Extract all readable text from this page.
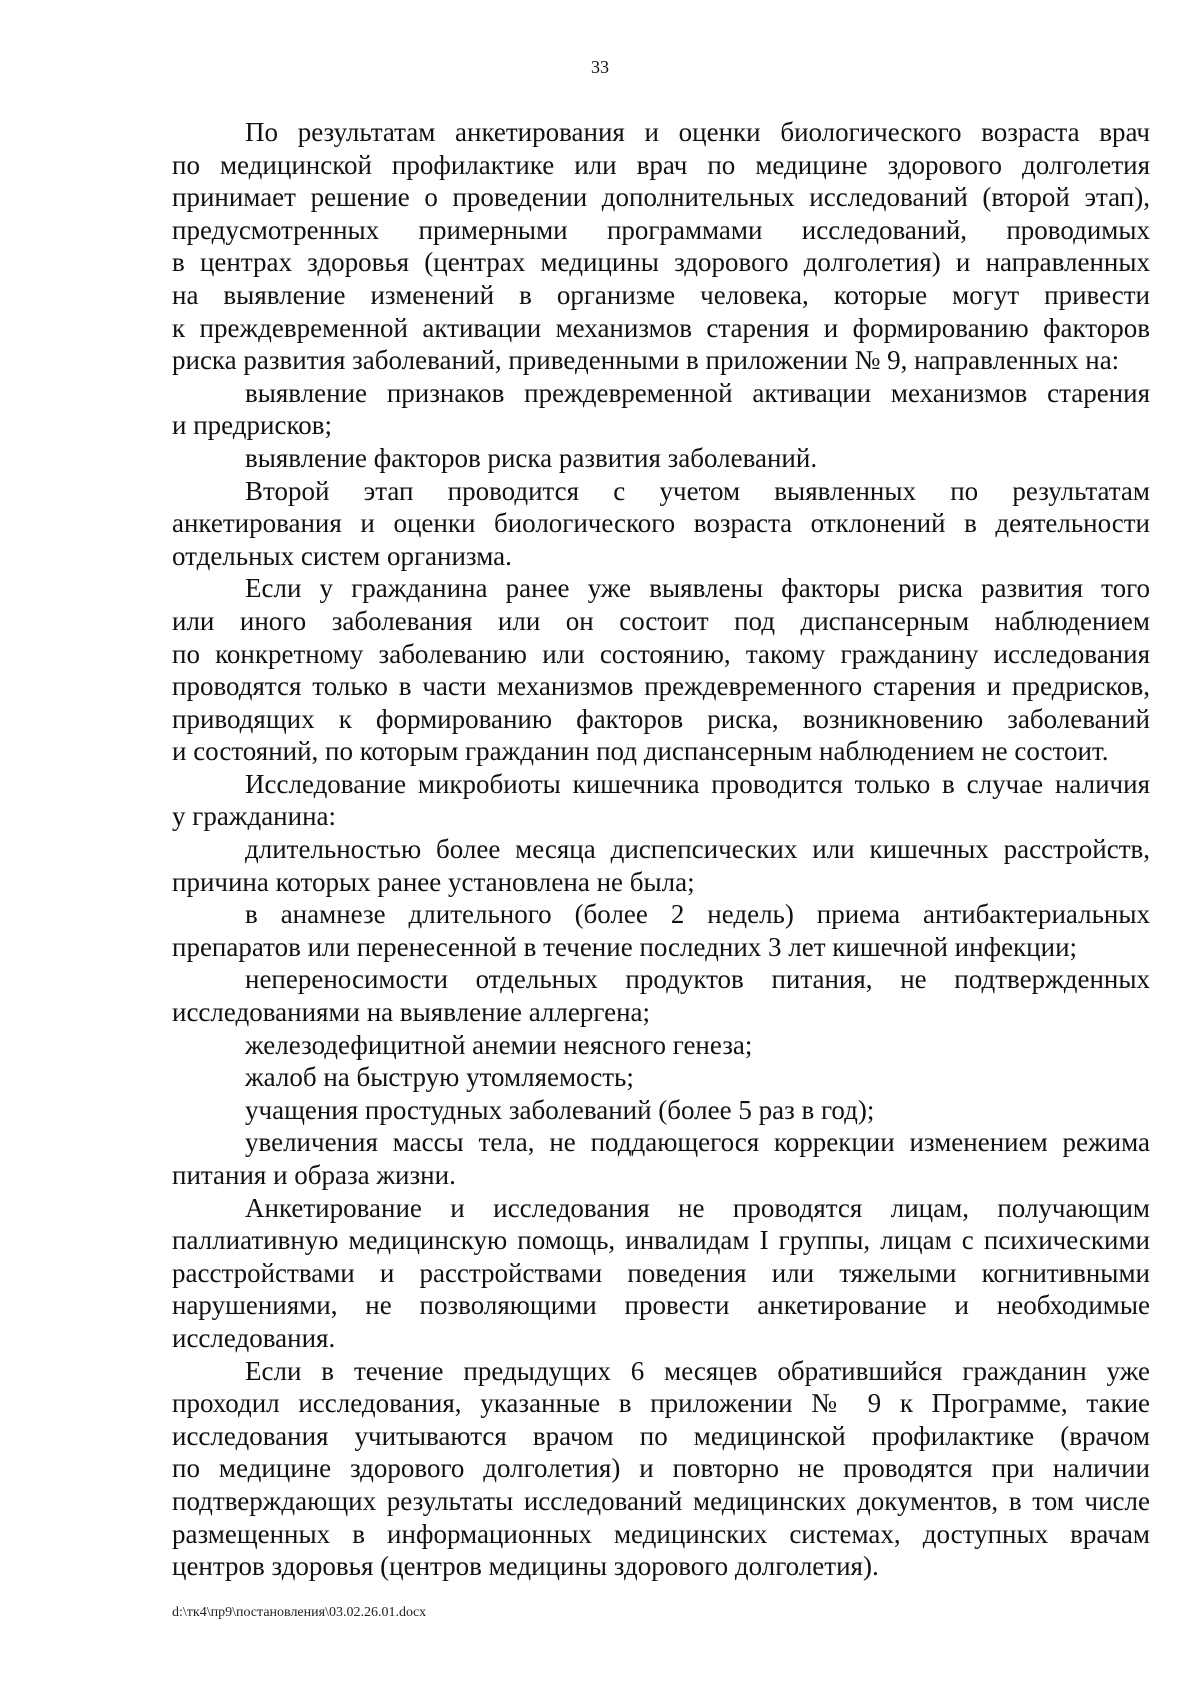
33
По результатам анкетирования и оценки биологического возраста врач
по медицинской профилактике или врач по медицине здорового долголетия
принимает решение о проведении дополнительных исследований (второй этап),
предусмотренных примерными программами исследований, проводимых
в центрах здоровья (центрах медицины здорового долголетия) и направленных
на выявление изменений в организме человека, которые могут привести
к преждевременной активации механизмов старения и формированию факторов
риска развития заболеваний, приведенными в приложении № 9, направленных на:
выявление признаков преждевременной активации механизмов старения
и предрисков;
выявление факторов риска развития заболеваний.
Второй этап проводится с учетом выявленных по результатам
анкетирования и оценки биологического возраста отклонений в деятельности
отдельных систем организма.
Если у гражданина ранее уже выявлены факторы риска развития того
или иного заболевания или он состоит под диспансерным наблюдением
по конкретному заболеванию или состоянию, такому гражданину исследования
проводятся только в части механизмов преждевременного старения и предрисков,
приводящих к формированию факторов риска, возникновению заболеваний
и состояний, по которым гражданин под диспансерным наблюдением не состоит.
Исследование микробиоты кишечника проводится только в случае наличия
у гражданина:
длительностью более месяца диспепсических или кишечных расстройств,
причина которых ранее установлена не была;
в анамнезе длительного (более 2 недель) приема антибактериальных
препаратов или перенесенной в течение последних 3 лет кишечной инфекции;
непереносимости отдельных продуктов питания, не подтвержденных
исследованиями на выявление аллергена;
железодефицитной анемии неясного генеза;
жалоб на быструю утомляемость;
учащения простудных заболеваний (более 5 раз в год);
увеличения массы тела, не поддающегося коррекции изменением режима
питания и образа жизни.
Анкетирование и исследования не проводятся лицам, получающим
паллиативную медицинскую помощь, инвалидам I группы, лицам с психическими
расстройствами и расстройствами поведения или тяжелыми когнитивными
нарушениями, не позволяющими провести анкетирование и необходимые
исследования.
Если в течение предыдущих 6 месяцев обратившийся гражданин уже
проходил исследования, указанные в приложении № 9 к Программе, такие
исследования учитываются врачом по медицинской профилактике (врачом
по медицине здорового долголетия) и повторно не проводятся при наличии
подтверждающих результаты исследований медицинских документов, в том числе
размещенных в информационных медицинских системах, доступных врачам
центров здоровья (центров медицины здорового долголетия).
d:\тк4\пр9\постановления\03.02.26.01.docx
